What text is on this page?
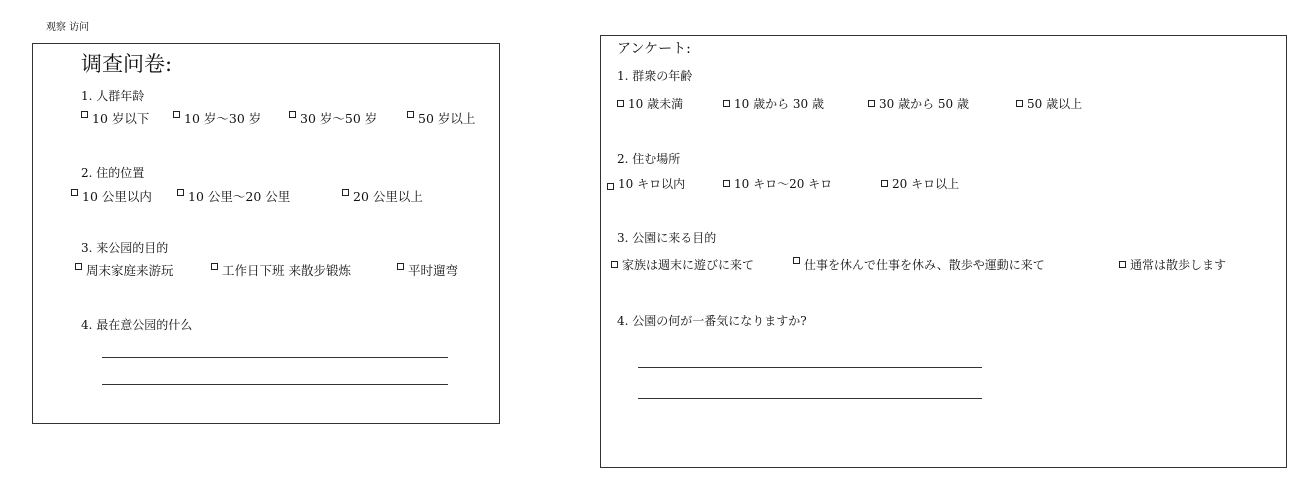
观察 访问
调查问卷:
1. 人群年龄
10 岁以下	10 岁～30 岁	30 岁～50 岁	50 岁以上
2. 住的位置
10 公里以内	10 公里～20 公里	20 公里以上
3. 来公园的目的
周末家庭来游玩	工作日下班 来散步锻炼	平时遛弯
4. 最在意公园的什么
アンケート:
1. 群衆の年齢
10 歳未満	10 歳から 30 歳	30 歳から 50 歳	50 歳以上
2. 住む場所
10 キロ以内	10 キロ～20 キロ	20 キロ以上
3. 公園に来る目的
家族は週末に遊びに来て	仕事を休んで仕事を休み、散歩や運動に来て	通常は散歩します
4. 公園の何が一番気になりますか?
